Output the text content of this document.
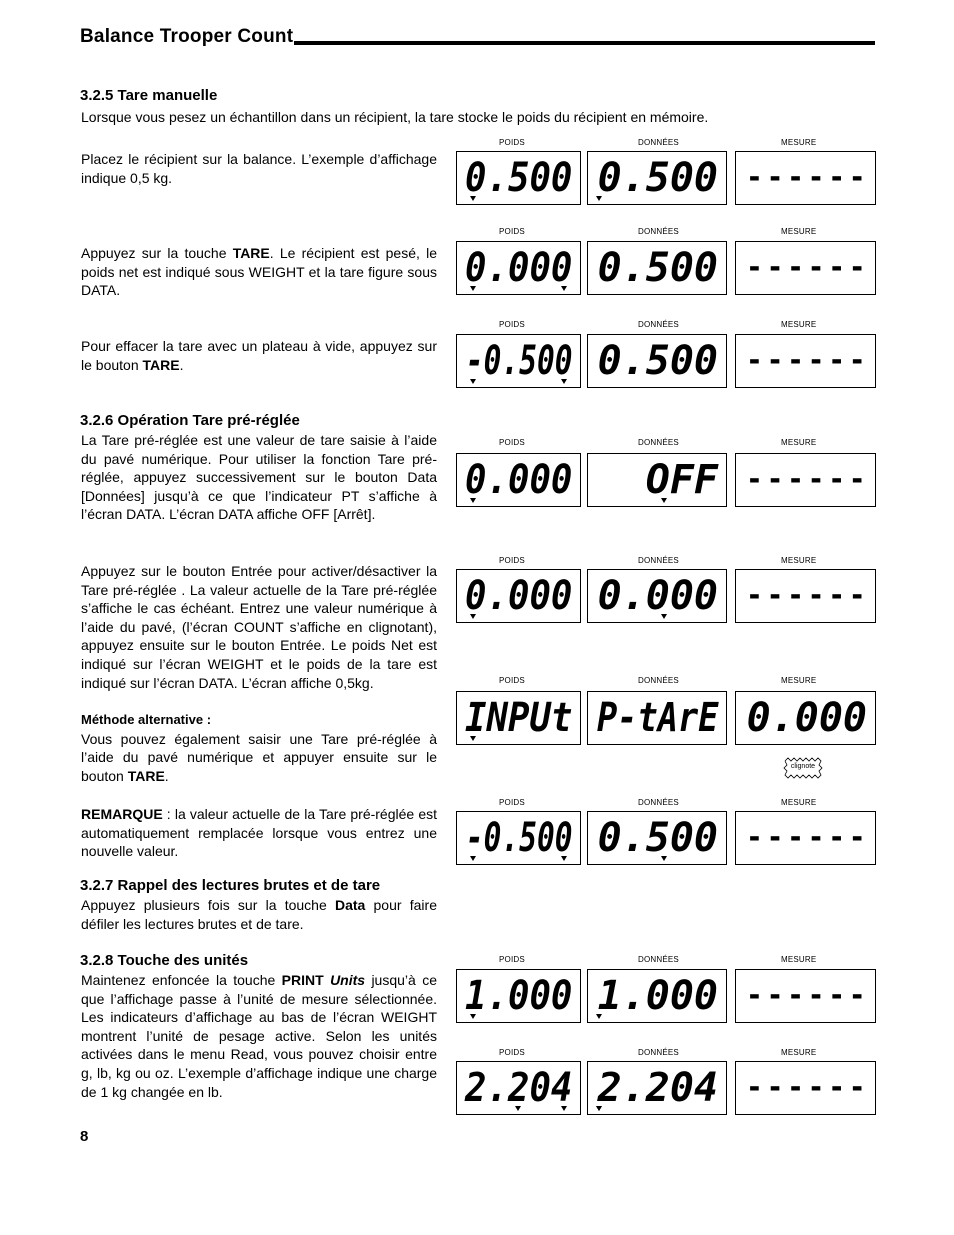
Balance Trooper Count
3.2.5 Tare manuelle
Lorsque vous pesez un échantillon dans un récipient, la tare stocke le poids du récipient en mémoire.
Placez le récipient sur la balance. L’exemple d’affichage indique 0,5 kg.
Appuyez sur la touche TARE. Le récipient est pesé, le poids net est indiqué sous WEIGHT et la tare figure sous DATA.
Pour effacer la tare avec un plateau à vide, appuyez sur le bouton TARE.
3.2.6 Opération Tare pré-réglée
La Tare pré-réglée est une valeur de tare saisie à l’aide du pavé numérique. Pour utiliser la fonction Tare pré-réglée, appuyez successivement sur le bouton Data [Données] jusqu’à ce que l’indicateur PT s’affiche à l’écran DATA. L’écran DATA affiche OFF [Arrêt].
Appuyez sur le bouton Entrée pour activer/désactiver la Tare pré-réglée . La valeur actuelle de la Tare pré-réglée s’affiche le cas échéant. Entrez une valeur numérique à l’aide du pavé, (l’écran COUNT s’affiche en clignotant), appuyez ensuite sur le bouton Entrée. Le poids Net est indiqué sur l’écran WEIGHT et le poids de la tare est indiqué sur l’écran DATA. L’écran affiche 0,5kg.
Méthode alternative :
Vous pouvez également saisir une Tare pré-réglée à l’aide du pavé numérique et appuyer ensuite sur le bouton TARE.
REMARQUE : la valeur actuelle de la Tare pré-réglée est automatiquement remplacée lorsque vous entrez une nouvelle valeur.
3.2.7 Rappel des lectures brutes et de tare
Appuyez plusieurs fois sur la touche Data pour faire défiler les lectures brutes et de tare.
3.2.8 Touche des unités
Maintenez enfoncée la touche PRINT Units jusqu’à ce que l’affichage passe à l’unité de mesure sélectionnée. Les indicateurs d’affichage au bas de l’écran WEIGHT montrent l’unité de pesage active. Selon les unités activées dans le menu Read, vous pouvez choisir entre g, lb, kg ou oz. L’exemple d’affichage indique une charge de 1 kg changée en lb.
8
POIDS
0.500
DONNÉES
0.500
MESURE
------
POIDS
0.000
DONNÉES
0.500
MESURE
------
POIDS
-0.500
DONNÉES
0.500
MESURE
------
POIDS
0.000
DONNÉES
OFF
MESURE
------
POIDS
0.000
DONNÉES
0.000
MESURE
------
POIDS
INPUt
DONNÉES
P-tArE
MESURE
0.000
POIDS
-0.500
DONNÉES
0.500
MESURE
------
POIDS
1.000
DONNÉES
1.000
MESURE
------
POIDS
2.204
DONNÉES
2.204
MESURE
------
clignote
